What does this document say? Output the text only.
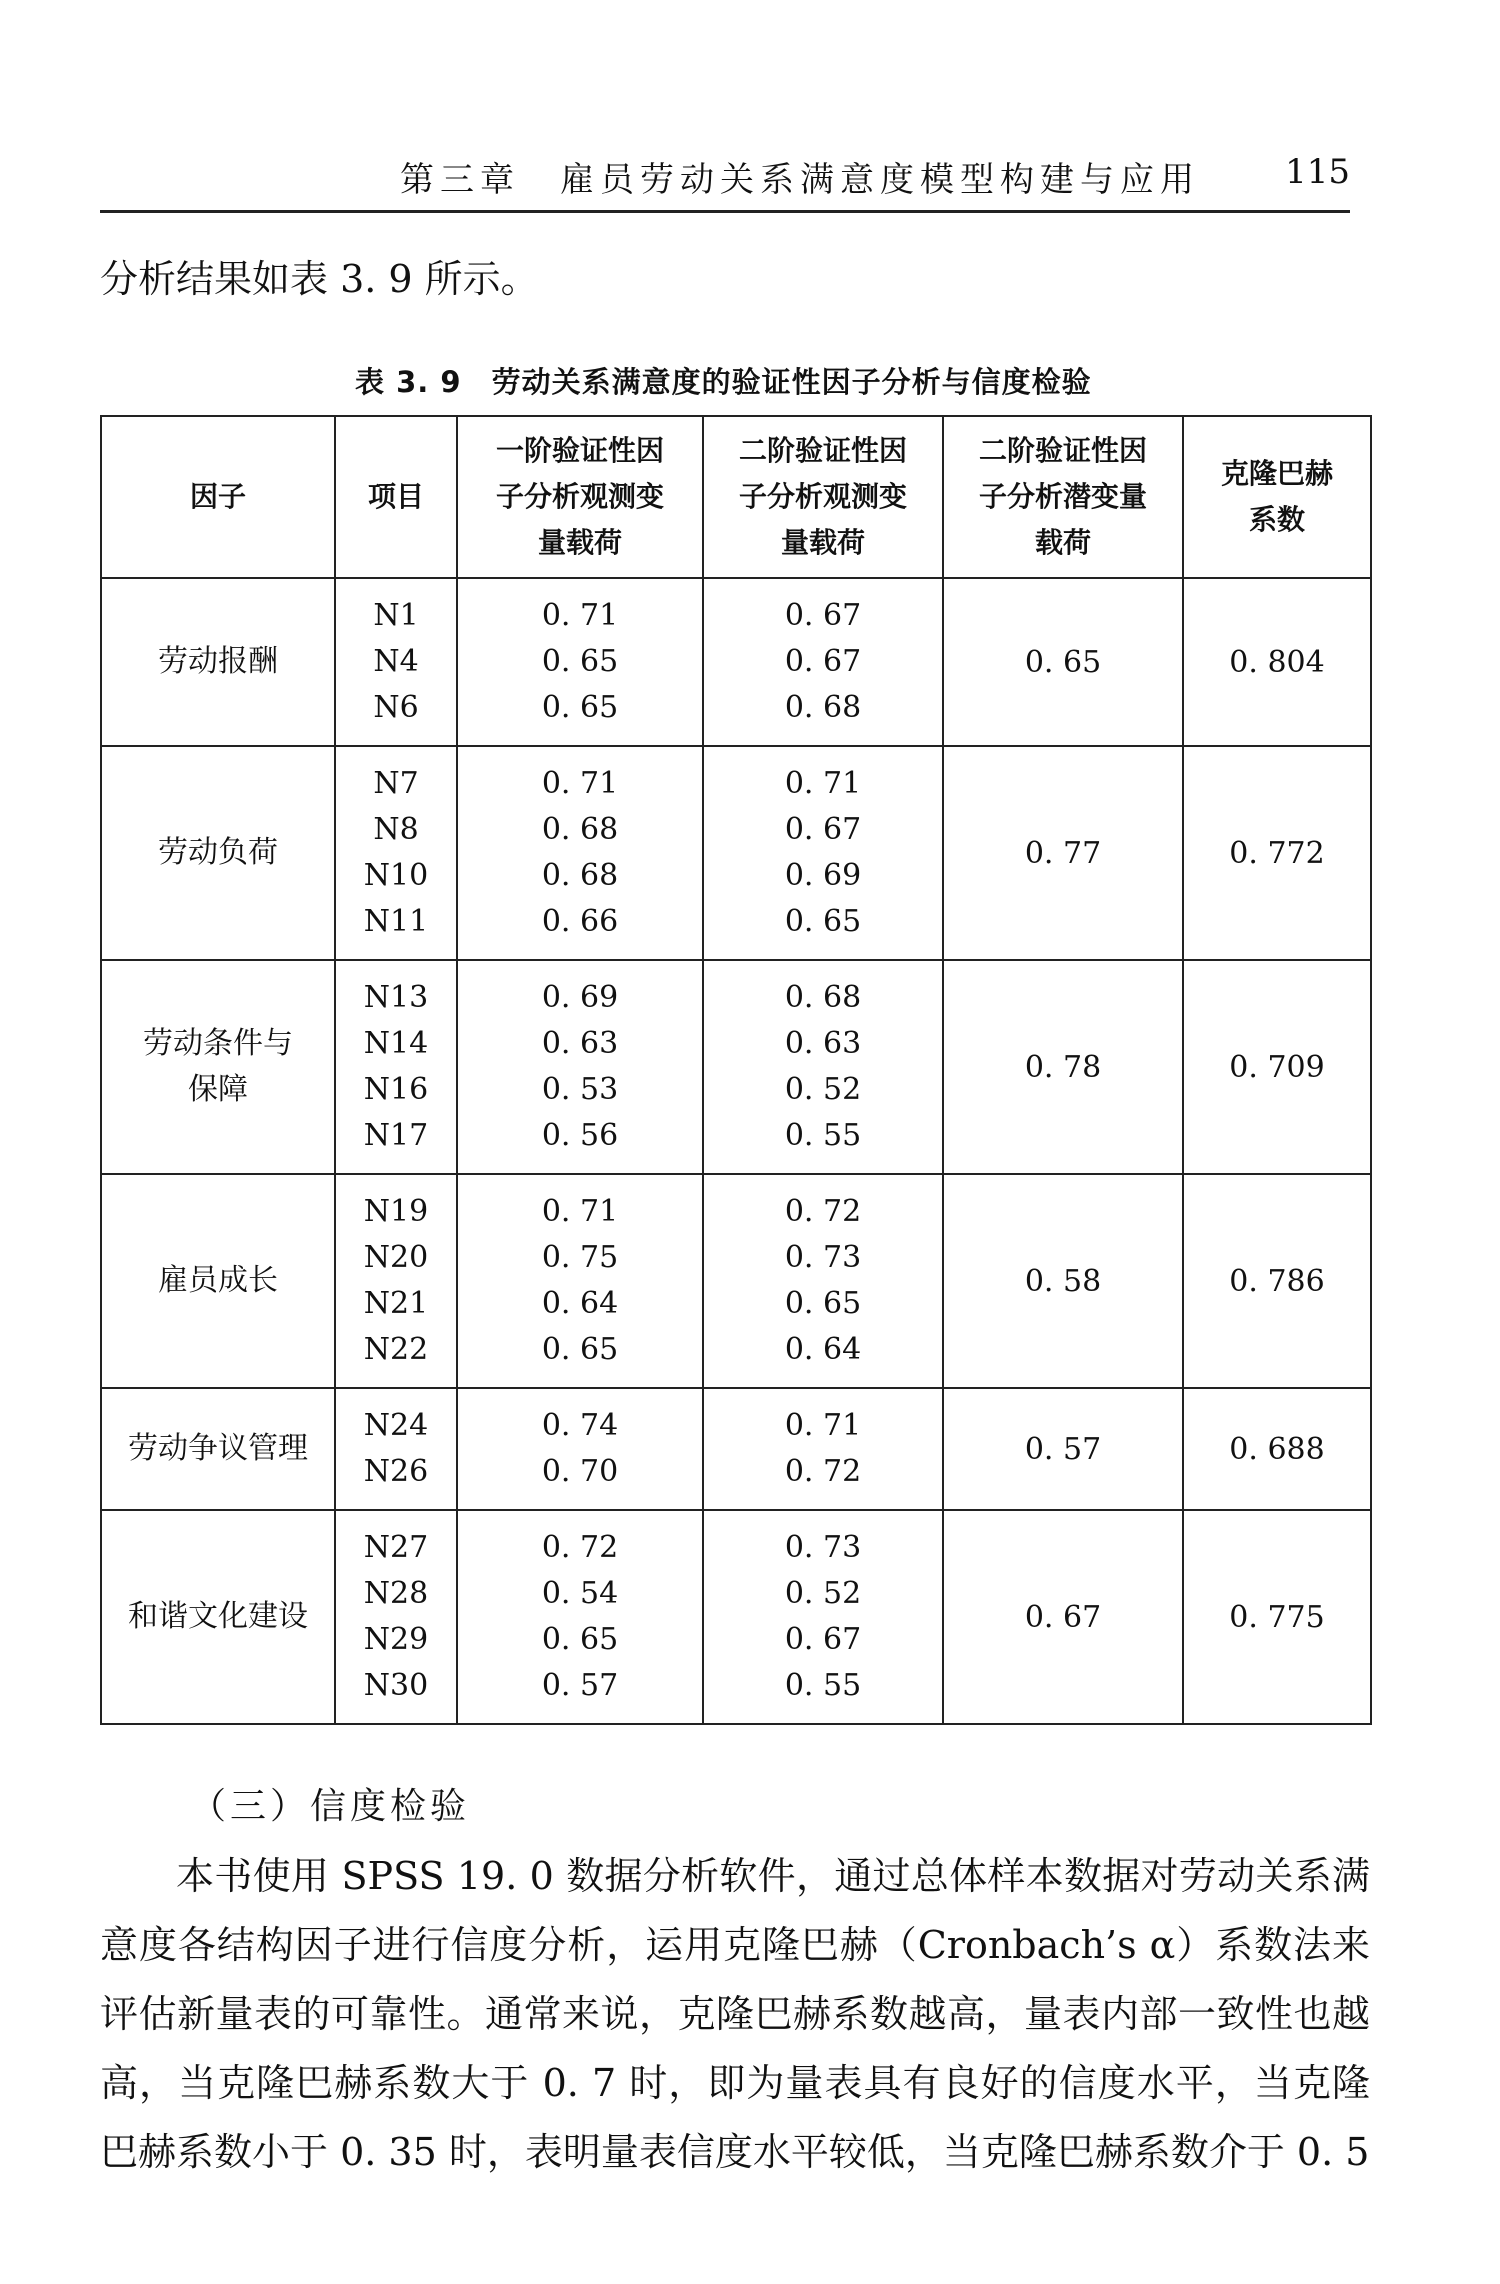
第三章　雇员劳动关系满意度模型构建与应用	115
分析结果如表 3. 9 所示。
表 3. 9　劳动关系满意度的验证性因子分析与信度检验
因子	项目	一阶验证性因子分析观测变量载荷	二阶验证性因子分析观测变量载荷	二阶验证性因子分析潜变量载荷	克隆巴赫系数
劳动报酬	N1
N4
N6	0. 71
0. 65
0. 65	0. 67
0. 67
0. 68	0. 65	0. 804
劳动负荷	N7
N8
N10
N11	0. 71
0. 68
0. 68
0. 66	0. 71
0. 67
0. 69
0. 65	0. 77	0. 772
劳动条件与保障	N13
N14
N16
N17	0. 69
0. 63
0. 53
0. 56	0. 68
0. 63
0. 52
0. 55	0. 78	0. 709
雇员成长	N19
N20
N21
N22	0. 71
0. 75
0. 64
0. 65	0. 72
0. 73
0. 65
0. 64	0. 58	0. 786
劳动争议管理	N24
N26	0. 74
0. 70	0. 71
0. 72	0. 57	0. 688
和谐文化建设	N27
N28
N29
N30	0. 72
0. 54
0. 65
0. 57	0. 73
0. 52
0. 67
0. 55	0. 67	0. 775
（三）信度检验
本书使用 SPSS 19. 0 数据分析软件，通过总体样本数据对劳动关系满意度各结构因子进行信度分析，运用克隆巴赫（Cronbach’s α）系数法来评估新量表的可靠性。通常来说，克隆巴赫系数越高，量表内部一致性也越高，当克隆巴赫系数大于 0. 7 时，即为量表具有良好的信度水平，当克隆巴赫系数小于 0. 35 时，表明量表信度水平较低，当克隆巴赫系数介于 0. 5
